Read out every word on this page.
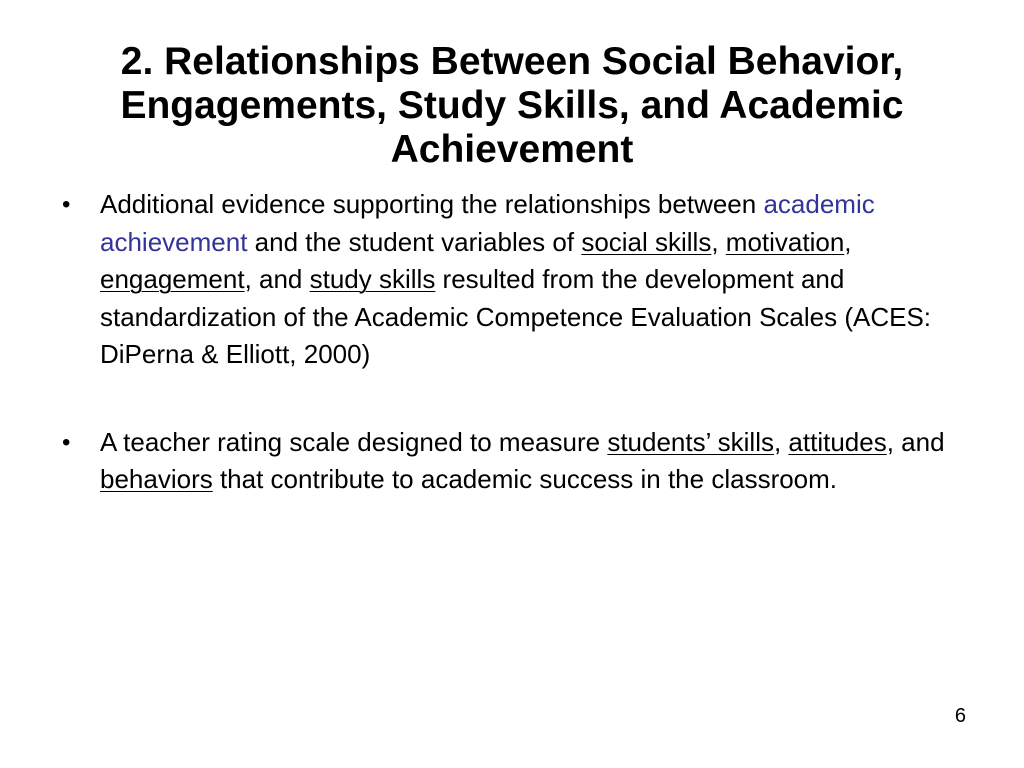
2. Relationships Between Social Behavior,
Engagements, Study Skills, and Academic
Achievement
•	Additional evidence supporting the relationships between academic achievement and the student variables of social skills, motivation, engagement, and study skills resulted from the development and standardization of the Academic Competence Evaluation Scales (ACES: DiPerna & Elliott, 2000)
•	A teacher rating scale designed to measure students’ skills, attitudes, and behaviors that contribute to academic success in the classroom.
6
